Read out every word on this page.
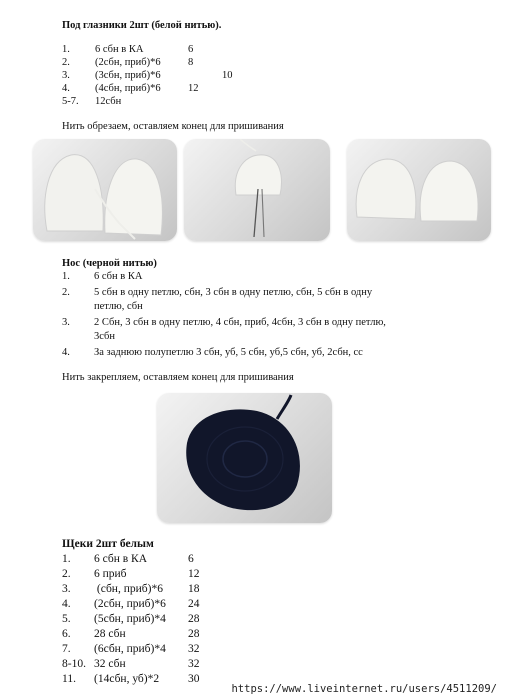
Под глазники 2шт (белой нитью).
1. 6 сбн в КА	6
2. (2сбн, приб)*6	8
3. (3сбн, приб)*6	10
4. (4сбн, приб)*6	12
5-7. 12сбн
Нить обрезаем, оставляем конец для пришивания
Нос (черной нитью)
1. 6 сбн в КА
2. 5 сбн в одну петлю, сбн, 3 сбн в одну петлю, сбн, 5 сбн в одну
петлю, сбн
3. 2 Сбн, 3 сбн в одну петлю, 4 сбн, приб, 4сбн, 3 сбн в одну петлю,
3сбн
4. За заднюю полупетлю 3 сбн, уб, 5 сбн, уб,5 сбн, уб, 2сбн, сс
Нить закрепляем, оставляем конец для пришивания
Щеки 2шт белым
1. 6 сбн в КА	6
2. 6 приб	12
3. (сбн, приб)*6 18
4. (2сбн, приб)*6 24
5. (5сбн, приб)*4 28
6. 28 сбн	28
7. (6сбн, приб)*4 32
8-10. 32 сбн	32
11. (14сбн, уб)*2	30
https://www.liveinternet.ru/users/4511209/
